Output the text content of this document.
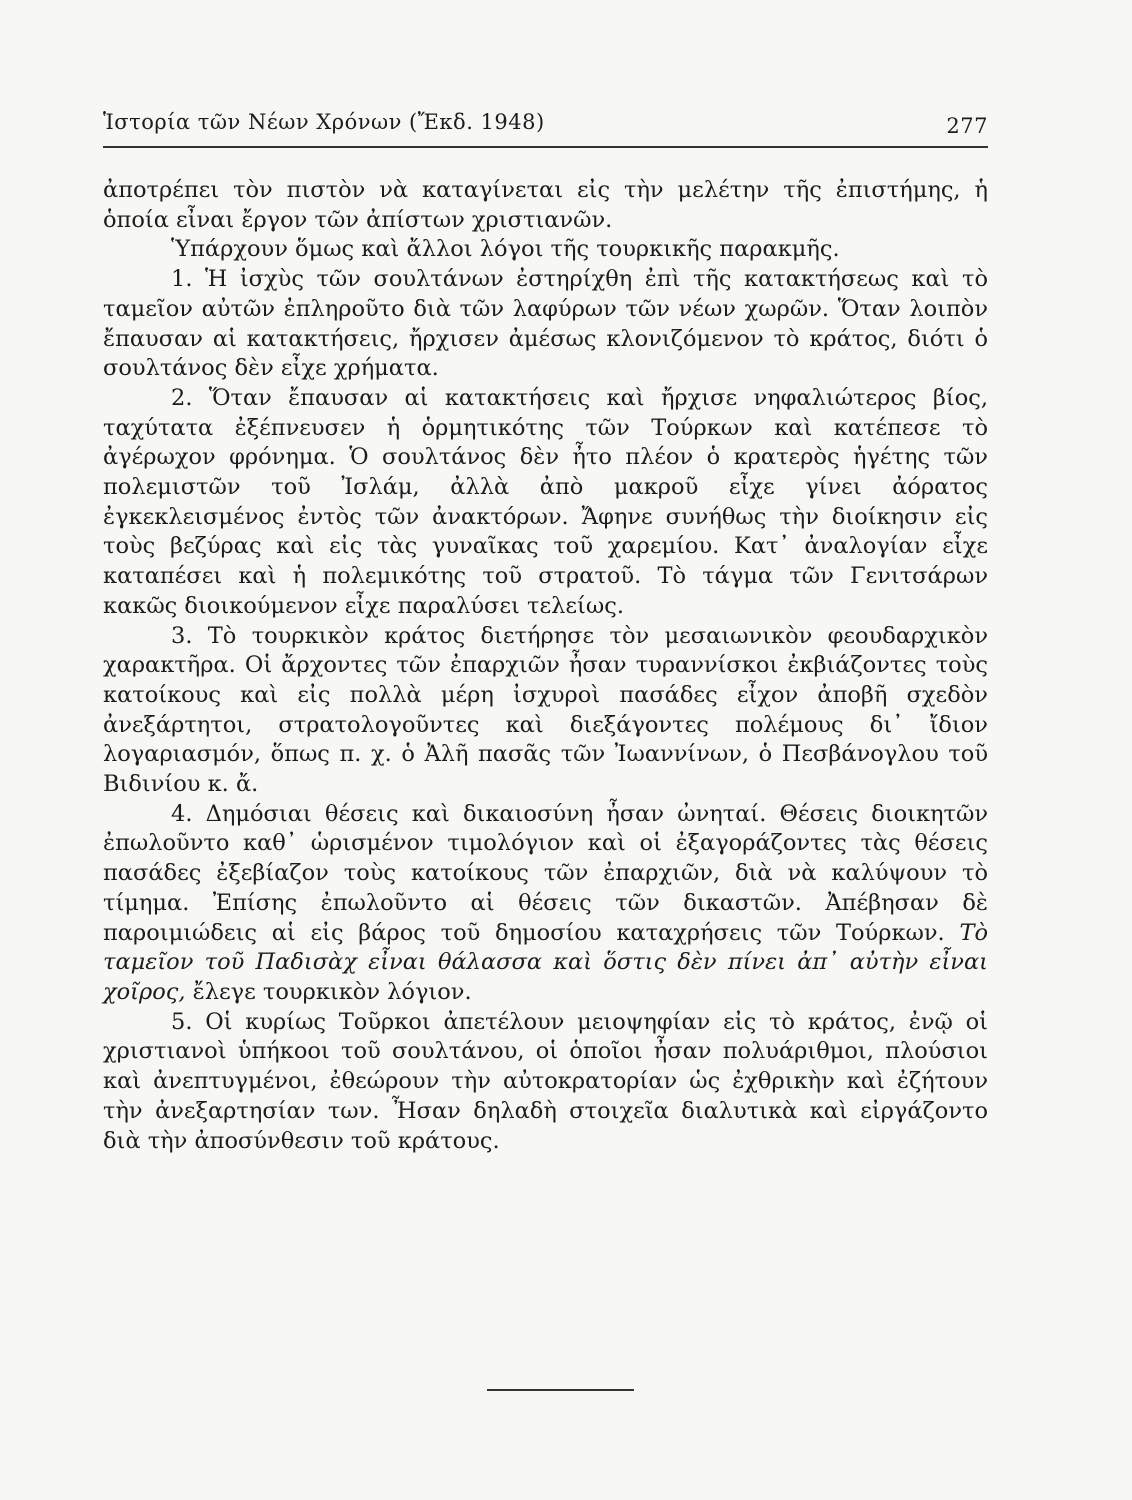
Ἱστορία τῶν Νέων Χρόνων (Ἔκδ. 1948)	277

ἀποτρέπει τὸν πιστὸν νὰ καταγίνεται εἰς τὴν μελέτην τῆς ἐπιστήμης, ἡ ὁποία εἶναι ἔργον τῶν ἀπίστων χριστιανῶν.

Ὑπάρχουν ὅμως καὶ ἄλλοι λόγοι τῆς τουρκικῆς παρακμῆς.

1. Ἡ ἰσχὺς τῶν σουλτάνων ἐστηρίχθη ἐπὶ τῆς κατακτήσεως καὶ τὸ ταμεῖον αὐτῶν ἐπληροῦτο διὰ τῶν λαφύρων τῶν νέων χωρῶν. Ὅταν λοιπὸν ἔπαυσαν αἱ κατακτήσεις, ἤρχισεν ἀμέσως κλονιζόμενον τὸ κράτος, διότι ὁ σουλτάνος δὲν εἶχε χρήματα.

2. Ὅταν ἔπαυσαν αἱ κατακτήσεις καὶ ἤρχισε νηφαλιώτερος βίος, ταχύτατα ἐξέπνευσεν ἡ ὁρμητικότης τῶν Τούρκων καὶ κατέπεσε τὸ ἀγέρωχον φρόνημα. Ὁ σουλτάνος δὲν ἦτο πλέον ὁ κρατερὸς ἡγέτης τῶν πολεμιστῶν τοῦ Ἰσλάμ, ἀλλὰ ἀπὸ μακροῦ εἶχε γίνει ἀόρατος ἐγκεκλεισμένος ἐντὸς τῶν ἀνακτόρων. Ἄφηνε συνήθως τὴν διοίκησιν εἰς τοὺς βεζύρας καὶ εἰς τὰς γυναῖκας τοῦ χαρεμίου. Κατ᾽ ἀναλογίαν εἶχε καταπέσει καὶ ἡ πολεμικότης τοῦ στρατοῦ. Τὸ τάγμα τῶν Γενιτσάρων κακῶς διοικούμενον εἶχε παραλύσει τελείως.

3. Τὸ τουρκικὸν κράτος διετήρησε τὸν μεσαιωνικὸν φεουδαρχικὸν χαρακτῆρα. Οἱ ἄρχοντες τῶν ἐπαρχιῶν ἦσαν τυραννίσκοι ἐκβιάζοντες τοὺς κατοίκους καὶ εἰς πολλὰ μέρη ἰσχυροὶ πασάδες εἶχον ἀποβῆ σχεδὸν ἀνεξάρτητοι, στρατολογοῦντες καὶ διεξάγοντες πολέμους δι᾽ ἴδιον λογαριασμόν, ὅπως π. χ. ὁ Ἀλῆ πασᾶς τῶν Ἰωαννίνων, ὁ Πεσβάνογλου τοῦ Βιδινίου κ. ἄ.

4. Δημόσιαι θέσεις καὶ δικαιοσύνη ἦσαν ὠνηταί. Θέσεις διοικητῶν ἐπωλοῦντο καθ᾽ ὡρισμένον τιμολόγιον καὶ οἱ ἐξαγοράζοντες τὰς θέσεις πασάδες ἐξεβίαζον τοὺς κατοίκους τῶν ἐπαρχιῶν, διὰ νὰ καλύψουν τὸ τίμημα. Ἐπίσης ἐπωλοῦντο αἱ θέσεις τῶν δικαστῶν. Ἀπέβησαν δὲ παροιμιώδεις αἱ εἰς βάρος τοῦ δημοσίου καταχρήσεις τῶν Τούρκων. Τὸ ταμεῖον τοῦ Παδισὰχ εἶναι θάλασσα καὶ ὅστις δὲν πίνει ἀπ᾽ αὐτὴν εἶναι χοῖρος, ἔλεγε τουρκικὸν λόγιον.

5. Οἱ κυρίως Τοῦρκοι ἀπετέλουν μειοψηφίαν εἰς τὸ κράτος, ἐνῷ οἱ χριστιανοὶ ὑπήκοοι τοῦ σουλτάνου, οἱ ὁποῖοι ἦσαν πολυάριθμοι, πλούσιοι καὶ ἀνεπτυγμένοι, ἐθεώρουν τὴν αὐτοκρατορίαν ὡς ἐχθρικὴν καὶ ἐζήτουν τὴν ἀνεξαρτησίαν των. Ἦσαν δηλαδὴ στοιχεῖα διαλυτικὰ καὶ εἰργάζοντο διὰ τὴν ἀποσύνθεσιν τοῦ κράτους.
